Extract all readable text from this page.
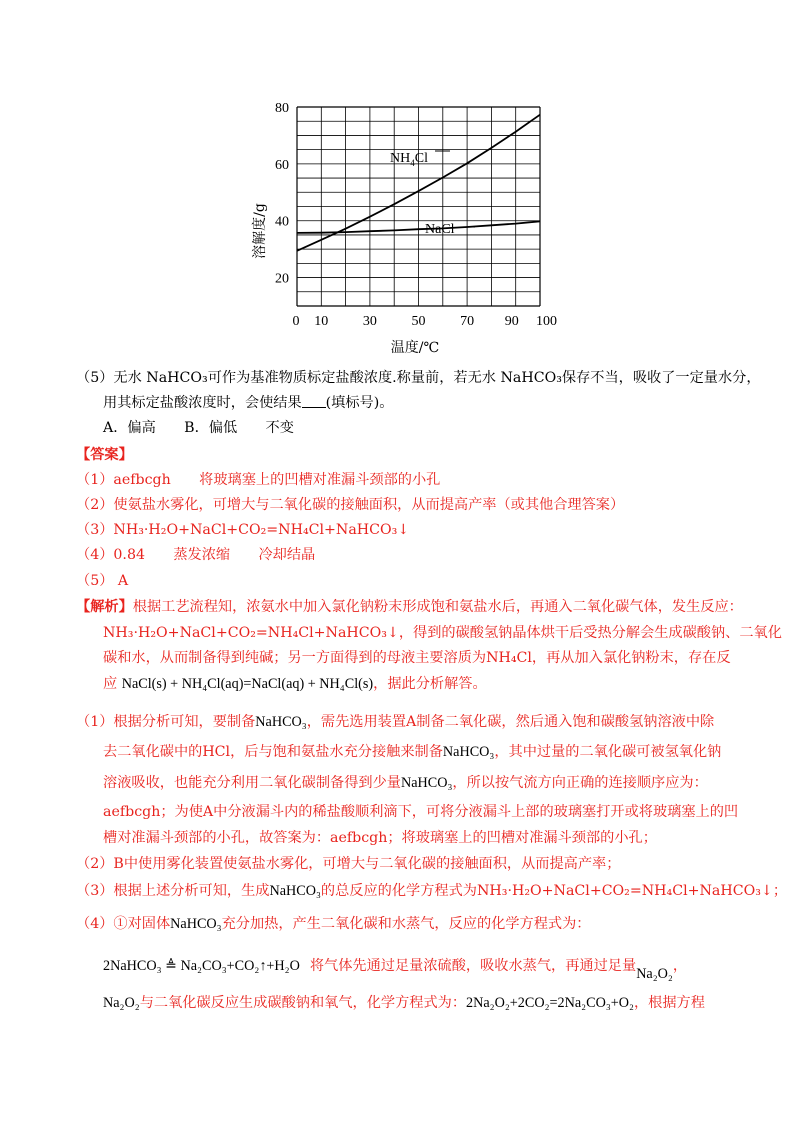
20
40
60
80
0 10 30 50 70 90 100
$NH_4Cl$
NaCl
溶解度/g
温度/℃
（5）无水 NaHCO₃可作为基准物质标定盐酸浓度.称量前，若无水 NaHCO₃保存不当，吸收了一定量水分，
用其标定盐酸浓度时，会使结果 (填标号)。
A．偏高　　B．偏低　　不变
【答案】
（1）aefbcgh　　将玻璃塞上的凹槽对准漏斗颈部的小孔
（2）使氨盐水雾化，可增大与二氧化碳的接触面积，从而提高产率（或其他合理答案）
（3）NH₃·H₂O+NaCl+CO₂=NH₄Cl+NaHCO₃↓
（4）0.84　　蒸发浓缩　　冷却结晶
（5） A
【解析】根据工艺流程知，浓氨水中加入氯化钠粉末形成饱和氨盐水后，再通入二氧化碳气体，发生反应：
NH₃·H₂O+NaCl+CO₂=NH₄Cl+NaHCO₃↓，得到的碳酸氢钠晶体烘干后受热分解会生成碳酸钠、二氧化
碳和水，从而制备得到纯碱；另一方面得到的母液主要溶质为NH₄Cl，再从加入氯化钠粉末，存在反
应 NaCl(s) + NH₄Cl(aq)=NaCl(aq) + NH₄Cl(s)，据此分析解答。
（1）根据分析可知，要制备NaHCO₃，需先选用装置A制备二氧化碳，然后通入饱和碳酸氢钠溶液中除
去二氧化碳中的HCl，后与饱和氨盐水充分接触来制备NaHCO₃，其中过量的二氧化碳可被氢氧化钠
溶液吸收，也能充分利用二氧化碳制备得到少量NaHCO₃，所以按气流方向正确的连接顺序应为：
aefbcgh；为使A中分液漏斗内的稀盐酸顺利滴下，可将分液漏斗上部的玻璃塞打开或将玻璃塞上的凹
槽对准漏斗颈部的小孔，故答案为：aefbcgh；将玻璃塞上的凹槽对准漏斗颈部的小孔；
（2）B中使用雾化装置使氨盐水雾化，可增大与二氧化碳的接触面积，从而提高产率；
（3）根据上述分析可知，生成NaHCO₃的总反应的化学方程式为NH₃·H₂O+NaCl+CO₂=NH₄Cl+NaHCO₃↓；
（4）①对固体NaHCO₃充分加热，产生二氧化碳和水蒸气，反应的化学方程式为：
2NaHCO₃ ≜ Na₂CO₃+CO₂↑+H₂O 将气体先通过足量浓硫酸，吸收水蒸气，再通过足量Na₂O₂，
Na₂O₂与二氧化碳反应生成碳酸钠和氧气，化学方程式为：2Na₂O₂+2CO₂=2Na₂CO₃+O₂，根据方程
